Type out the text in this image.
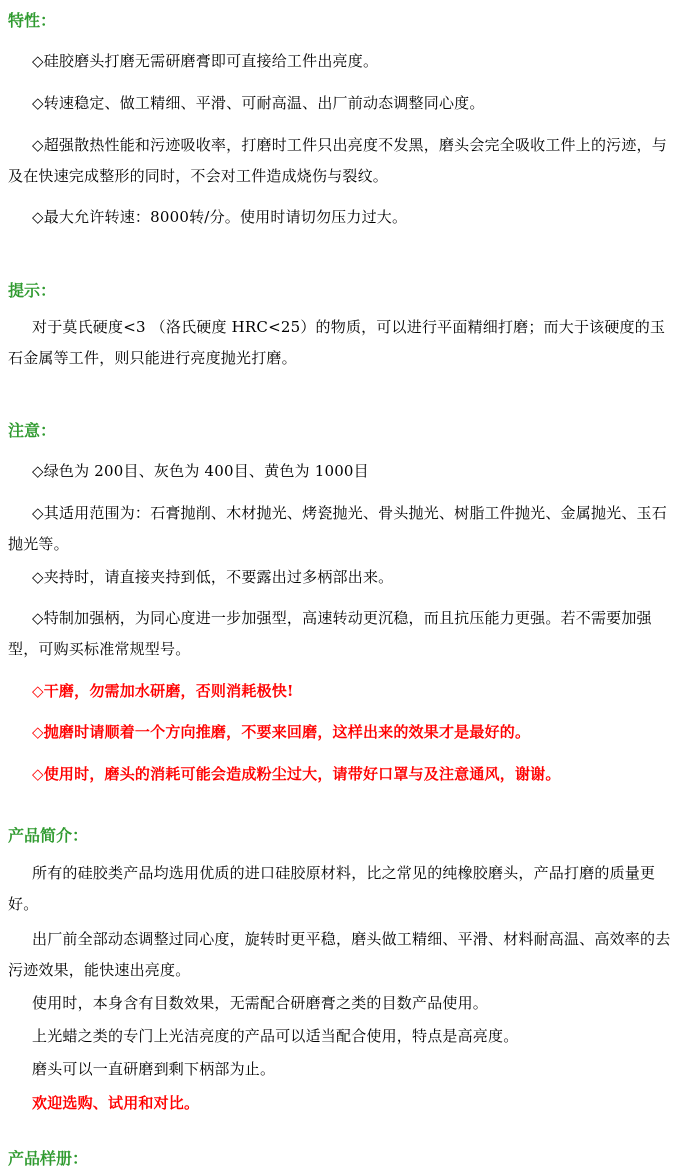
特性：

◇硅胶磨头打磨无需研磨膏即可直接给工件出亮度。

◇转速稳定、做工精细、平滑、可耐高温、出厂前动态调整同心度。

◇超强散热性能和污迹吸收率，打磨时工件只出亮度不发黑，磨头会完全吸收工件上的污迹，与及在快速完成整形的同时，不会对工件造成烧伤与裂纹。

◇最大允许转速：8000转/分。使用时请切勿压力过大。

提示：

对于莫氏硬度<3 （洛氏硬度 HRC<25）的物质，可以进行平面精细打磨；而大于该硬度的玉石金属等工件，则只能进行亮度抛光打磨。

注意：

◇绿色为 200目、灰色为 400目、黄色为 1000目

◇其适用范围为：石膏抛削、木材抛光、烤瓷抛光、骨头抛光、树脂工件抛光、金属抛光、玉石抛光等。

◇夹持时，请直接夹持到低，不要露出过多柄部出来。

◇特制加强柄，为同心度进一步加强型，高速转动更沉稳，而且抗压能力更强。若不需要加强型，可购买标准常规型号。

◇干磨，勿需加水研磨，否则消耗极快!

◇抛磨时请顺着一个方向推磨，不要来回磨，这样出来的效果才是最好的。

◇使用时，磨头的消耗可能会造成粉尘过大，请带好口罩与及注意通风，谢谢。

产品简介：

所有的硅胶类产品均选用优质的进口硅胶原材料，比之常见的纯橡胶磨头，产品打磨的质量更好。

出厂前全部动态调整过同心度，旋转时更平稳，磨头做工精细、平滑、材料耐高温、高效率的去污迹效果，能快速出亮度。

使用时，本身含有目数效果，无需配合研磨膏之类的目数产品使用。

上光蜡之类的专门上光洁亮度的产品可以适当配合使用，特点是高亮度。

磨头可以一直研磨到剩下柄部为止。

欢迎选购、试用和对比。

产品样册：
